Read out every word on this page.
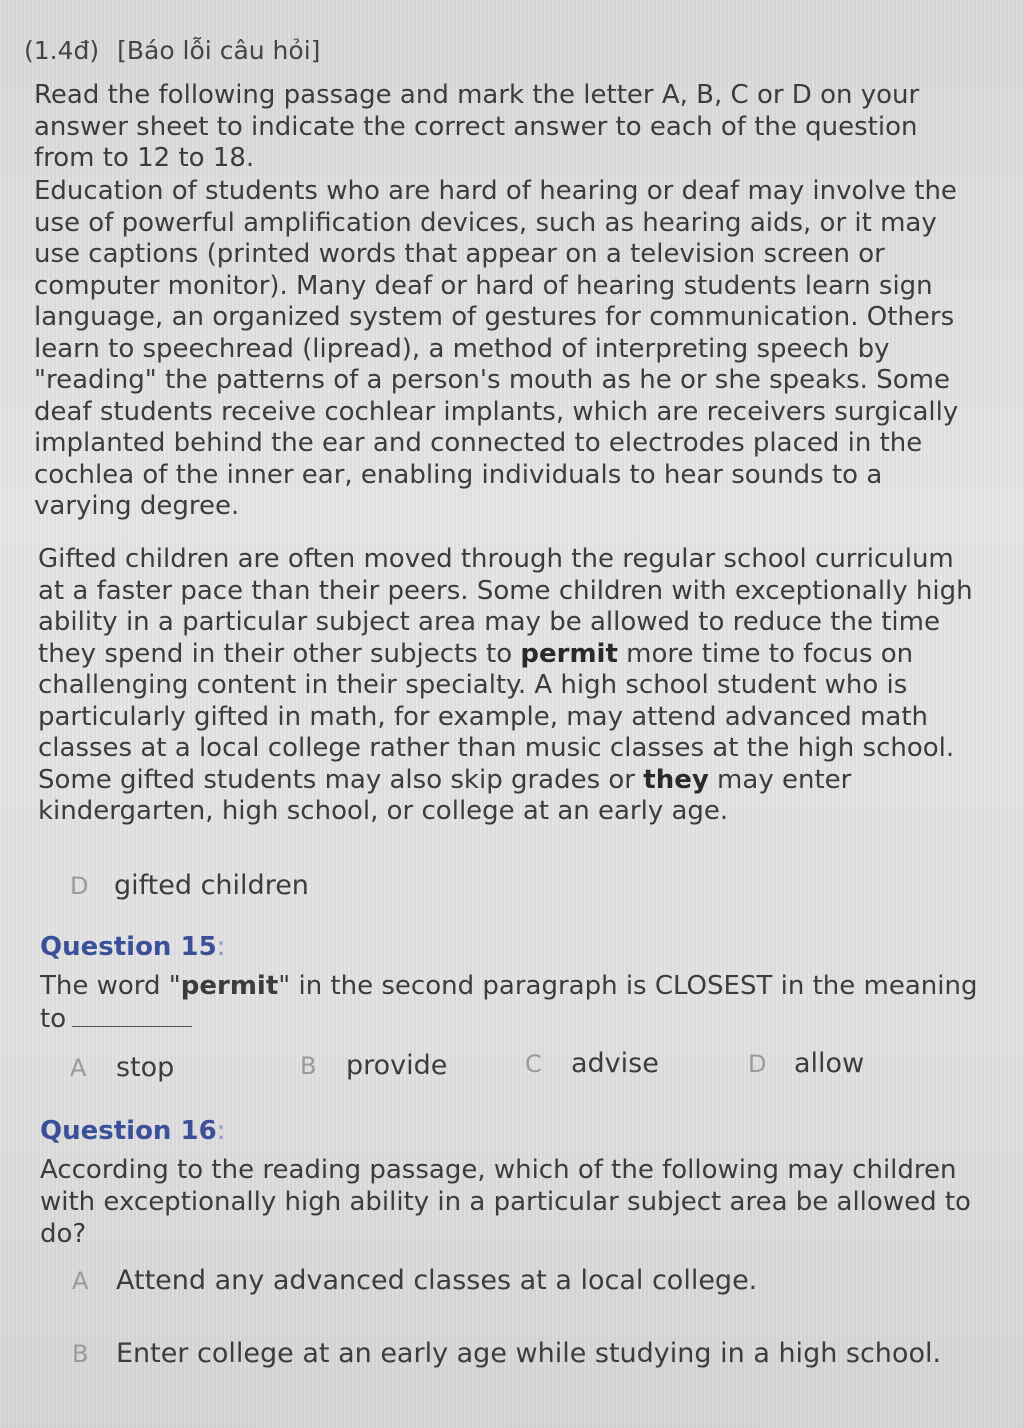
(1.4đ) [Báo lỗi câu hỏi]
Read the following passage and mark the letter A, B, C or D on your answer sheet to indicate the correct answer to each of the question from to 12 to 18.
Education of students who are hard of hearing or deaf may involve the use of powerful amplification devices, such as hearing aids, or it may use captions (printed words that appear on a television screen or computer monitor). Many deaf or hard of hearing students learn sign language, an organized system of gestures for communication. Others learn to speechread (lipread), a method of interpreting speech by "reading" the patterns of a person's mouth as he or she speaks. Some deaf students receive cochlear implants, which are receivers surgically implanted behind the ear and connected to electrodes placed in the cochlea of the inner ear, enabling individuals to hear sounds to a varying degree.
Gifted children are often moved through the regular school curriculum at a faster pace than their peers. Some children with exceptionally high ability in a particular subject area may be allowed to reduce the time they spend in their other subjects to permit more time to focus on challenging content in their specialty. A high school student who is particularly gifted in math, for example, may attend advanced math classes at a local college rather than music classes at the high school. Some gifted students may also skip grades or they may enter kindergarten, high school, or college at an early age.
D gifted children
Question 15:
The word "permit" in the second paragraph is CLOSEST in the meaning to
A stop	B provide	C advise	D allow
Question 16:
According to the reading passage, which of the following may children with exceptionally high ability in a particular subject area be allowed to do?
A Attend any advanced classes at a local college.
B Enter college at an early age while studying in a high school.
